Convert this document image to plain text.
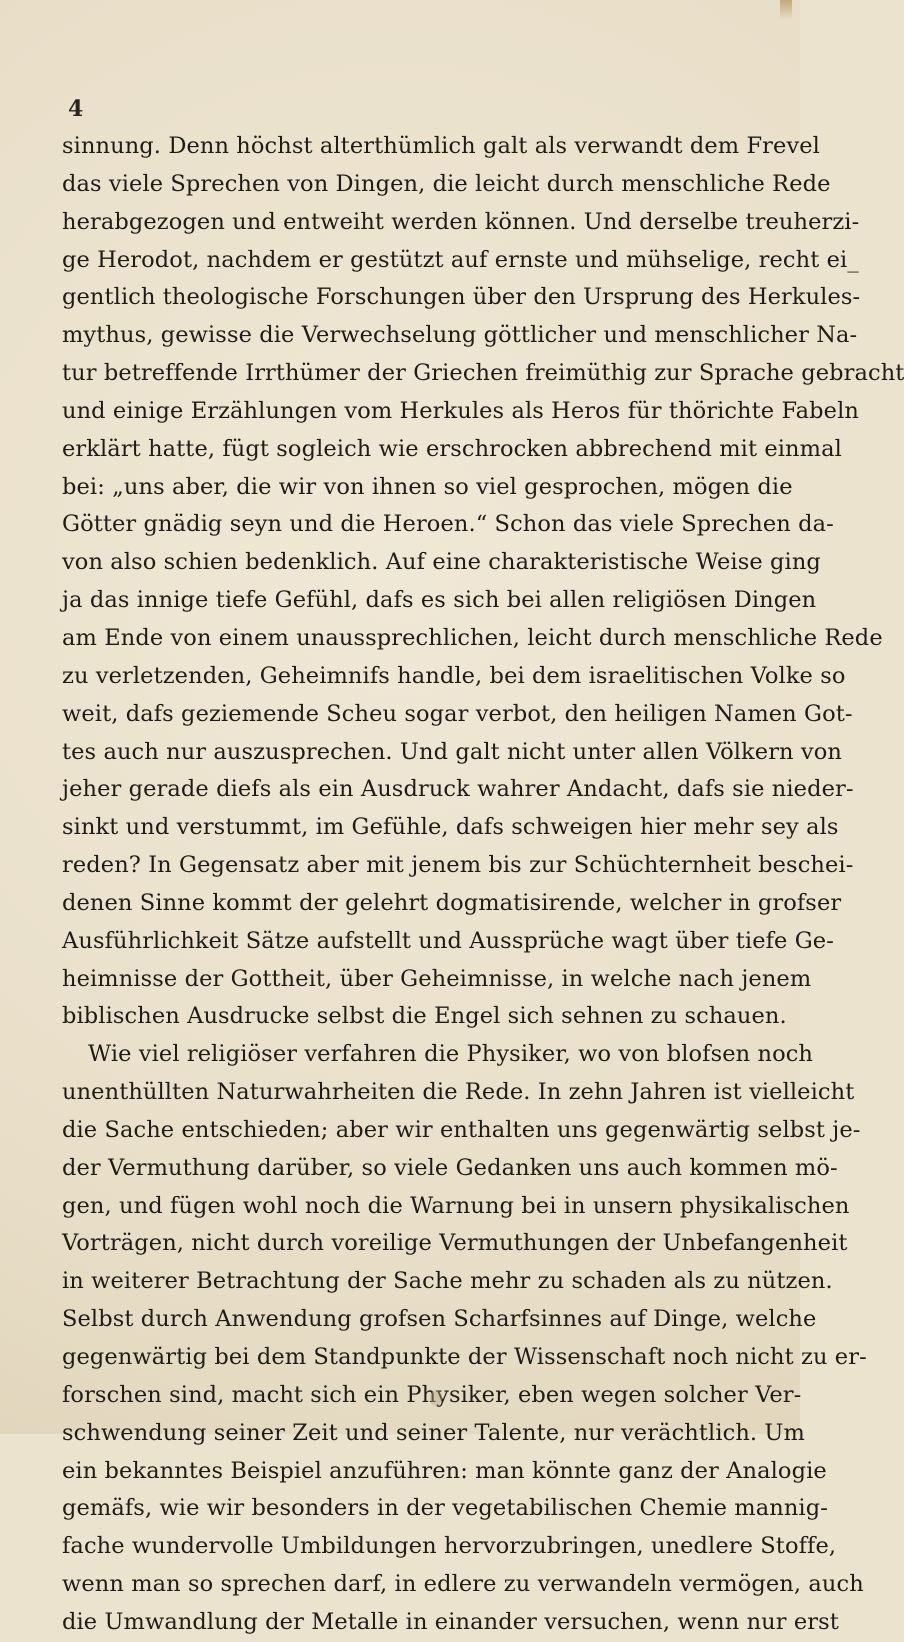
4
sinnung. Denn höchst alterthümlich galt als verwandt dem Frevel
das viele Sprechen von Dingen, die leicht durch menschliche Rede
herabgezogen und entweiht werden können. Und derselbe treuherzi-
ge Herodot, nachdem er gestützt auf ernste und mühselige, recht ei_
gentlich theologische Forschungen über den Ursprung des Herkules-
mythus, gewisse die Verwechselung göttlicher und menschlicher Na-
tur betreffende Irrthümer der Griechen freimüthig zur Sprache gebracht
und einige Erzählungen vom Herkules als Heros für thörichte Fabeln
erklärt hatte, fügt sogleich wie erschrocken abbrechend mit einmal
bei: „uns aber, die wir von ihnen so viel gesprochen, mögen die
Götter gnädig seyn und die Heroen.“ Schon das viele Sprechen da-
von also schien bedenklich. Auf eine charakteristische Weise ging
ja das innige tiefe Gefühl, dafs es sich bei allen religiösen Dingen
am Ende von einem unaussprechlichen, leicht durch menschliche Rede
zu verletzenden, Geheimnifs handle, bei dem israelitischen Volke so
weit, dafs geziemende Scheu sogar verbot, den heiligen Namen Got-
tes auch nur auszusprechen. Und galt nicht unter allen Völkern von
jeher gerade diefs als ein Ausdruck wahrer Andacht, dafs sie nieder-
sinkt und verstummt, im Gefühle, dafs schweigen hier mehr sey als
reden? In Gegensatz aber mit jenem bis zur Schüchternheit beschei-
denen Sinne kommt der gelehrt dogmatisirende, welcher in grofser
Ausführlichkeit Sätze aufstellt und Aussprüche wagt über tiefe Ge-
heimnisse der Gottheit, über Geheimnisse, in welche nach jenem
biblischen Ausdrucke selbst die Engel sich sehnen zu schauen.
Wie viel religiöser verfahren die Physiker, wo von blofsen noch
unenthüllten Naturwahrheiten die Rede. In zehn Jahren ist vielleicht
die Sache entschieden; aber wir enthalten uns gegenwärtig selbst je-
der Vermuthung darüber, so viele Gedanken uns auch kommen mö-
gen, und fügen wohl noch die Warnung bei in unsern physikalischen
Vorträgen, nicht durch voreilige Vermuthungen der Unbefangenheit
in weiterer Betrachtung der Sache mehr zu schaden als zu nützen.
Selbst durch Anwendung grofsen Scharfsinnes auf Dinge, welche
gegenwärtig bei dem Standpunkte der Wissenschaft noch nicht zu er-
forschen sind, macht sich ein Physiker, eben wegen solcher Ver-
schwendung seiner Zeit und seiner Talente, nur verächtlich. Um
ein bekanntes Beispiel anzuführen: man könnte ganz der Analogie
gemäfs, wie wir besonders in der vegetabilischen Chemie mannig-
fache wundervolle Umbildungen hervorzubringen, unedlere Stoffe,
wenn man so sprechen darf, in edlere zu verwandeln vermögen, auch
die Umwandlung der Metalle in einander versuchen, wenn nur erst
